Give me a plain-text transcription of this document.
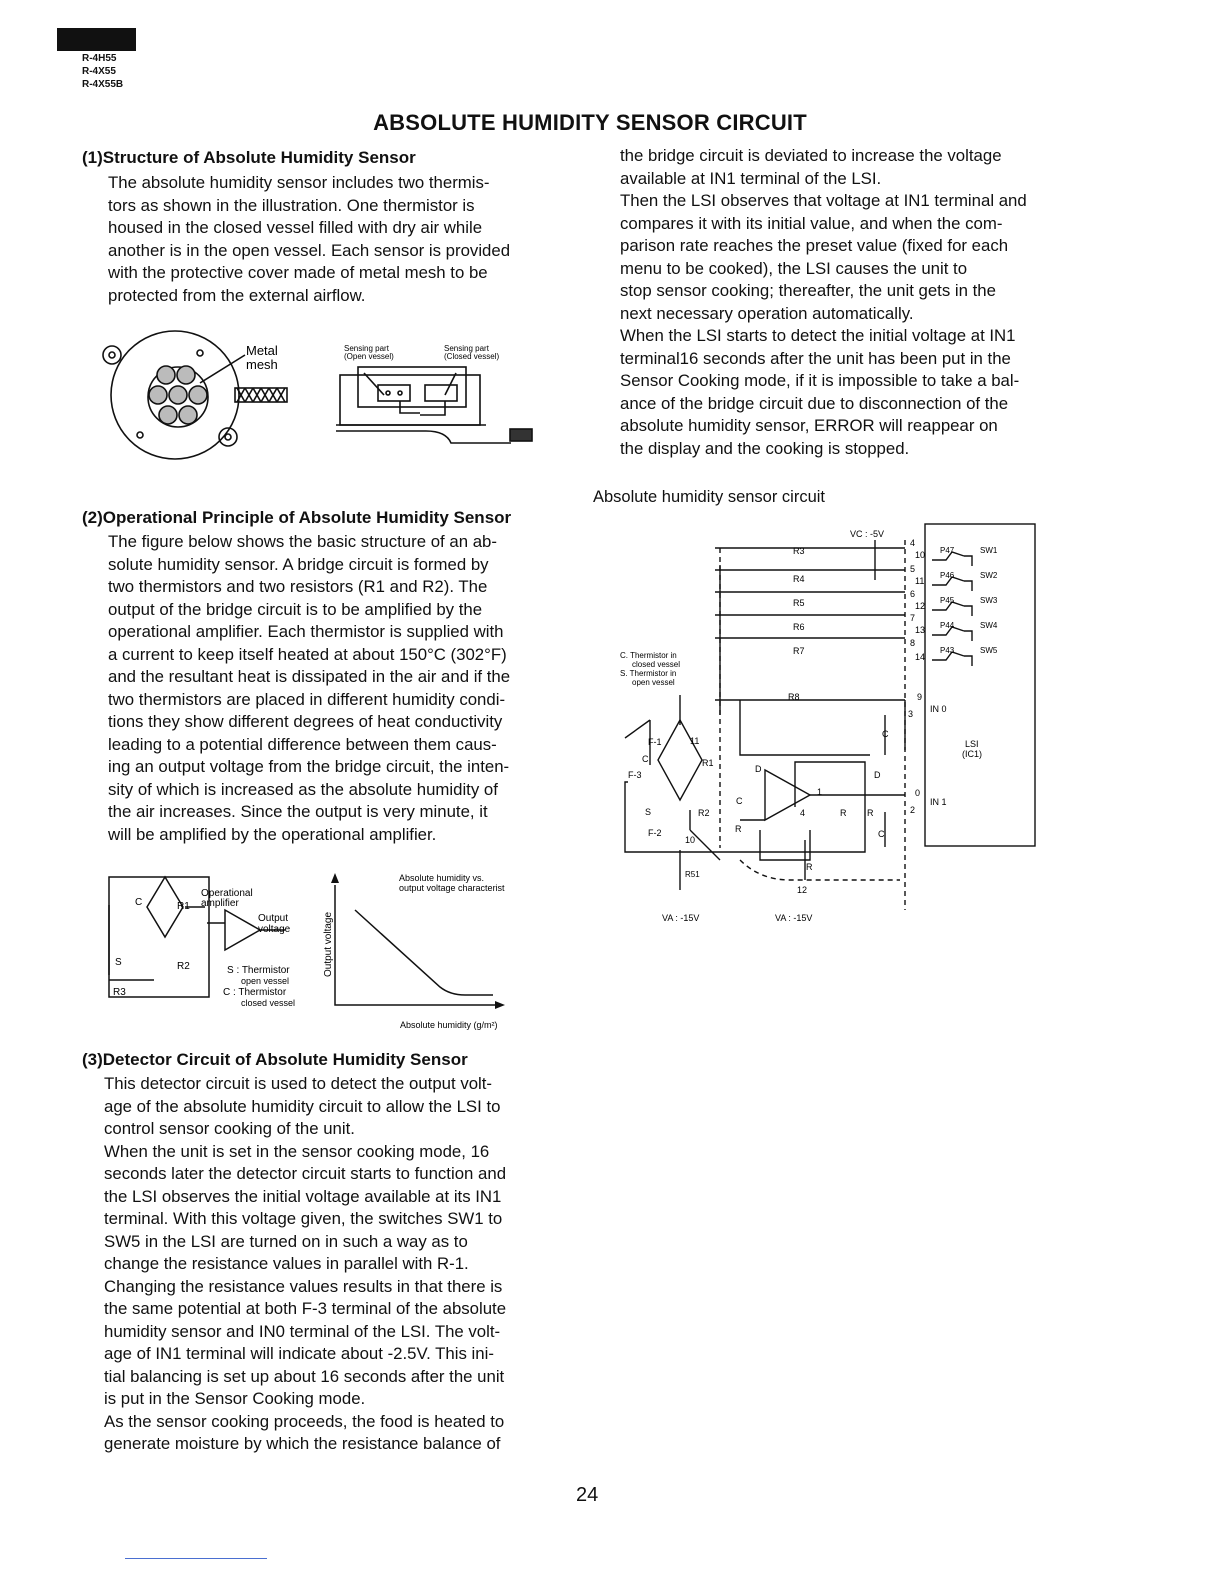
R-4H55
R-4X55
R-4X55B
ABSOLUTE HUMIDITY SENSOR CIRCUIT
(1)Structure of Absolute Humidity Sensor
The absolute humidity sensor includes two thermis-
tors as shown in the illustration. One thermistor is
housed in the closed vessel filled with dry air while
another is in the open vessel. Each sensor is provided
with the protective cover made of metal mesh to be
protected from the external airflow.
Metal
mesh
Sensing part
(Open vessel)
Sensing part
(Closed vessel)
(2)Operational Principle of Absolute Humidity Sensor
The figure below shows the basic structure of an ab-
solute humidity sensor. A bridge circuit is formed by
two thermistors and two resistors (R1 and R2). The
output of the bridge circuit is to be amplified by the
operational amplifier. Each thermistor is supplied with
a current to keep itself heated at about 150°C (302°F)
and the resultant heat is dissipated in the air and if the
two thermistors are placed in different humidity condi-
tions they show different degrees of heat conductivity
leading to a potential difference between them caus-
ing an output voltage from the bridge circuit, the inten-
sity of which is increased as the absolute humidity of
the air increases. Since the output is very minute, it
will be amplified by the operational amplifier.
C	R1
S	R2
R3
Operational
amplifier
Output
voltage
S : Thermistor
open vessel
C : Thermistor
closed vessel
Absolute humidity vs.
output voltage characterist
Output voltage
Absolute humidity (g/m²)
(3)Detector Circuit of Absolute Humidity Sensor
This detector circuit is used to detect the output volt-
age of the absolute humidity circuit to allow the LSI to
control sensor cooking of the unit.
When the unit is set in the sensor cooking mode, 16
seconds later the detector circuit starts to function and
the LSI observes the initial voltage available at its IN1
terminal. With this voltage given, the switches SW1 to
SW5 in the LSI are turned on in such a way as to
change the resistance values in parallel with R-1.
Changing the resistance values results in that there is
the same potential at both F-3 terminal of the absolute
humidity sensor and IN0 terminal of the LSI. The volt-
age of IN1 terminal will indicate about -2.5V. This ini-
tial balancing is set up about 16 seconds after the unit
is put in the Sensor Cooking mode.
As the sensor cooking proceeds, the food is heated to
generate moisture by which the resistance balance of
the bridge circuit is deviated to increase the voltage
available at IN1 terminal of the LSI.
Then the LSI observes that voltage at IN1 terminal and
compares it with its initial value, and when the com-
parison rate reaches the preset value (fixed for each
menu to be cooked), the LSI causes the unit to
stop sensor cooking; thereafter, the unit gets in the
next necessary operation automatically.
When the LSI starts to detect the initial voltage at IN1
terminal16 seconds after the unit has been put in the
Sensor Cooking mode, if it is impossible to take a bal-
ance of the bridge circuit due to disconnection of the
absolute humidity sensor, ERROR will reappear on
the display and the cooking is stopped.
Absolute humidity sensor circuit
VC : -5V
R3
R4
R5
R6
R7
R8
4
10
5
11
6
12
7
13
8
14
9
3
0
2
1
4
10
11
12
P47
P46
P45
P44
P43
SW1
SW2
SW3
SW4
SW5
IN 0
IN 1
LSI
(IC1)
C. Thermistor in
closed vessel
S. Thermistor in
open vessel
F-1
F-3
F-2
C
S
R1
R2
D
D
R
R R
R
C
C
C
R51
VA : -15V	VA : -15V
24
